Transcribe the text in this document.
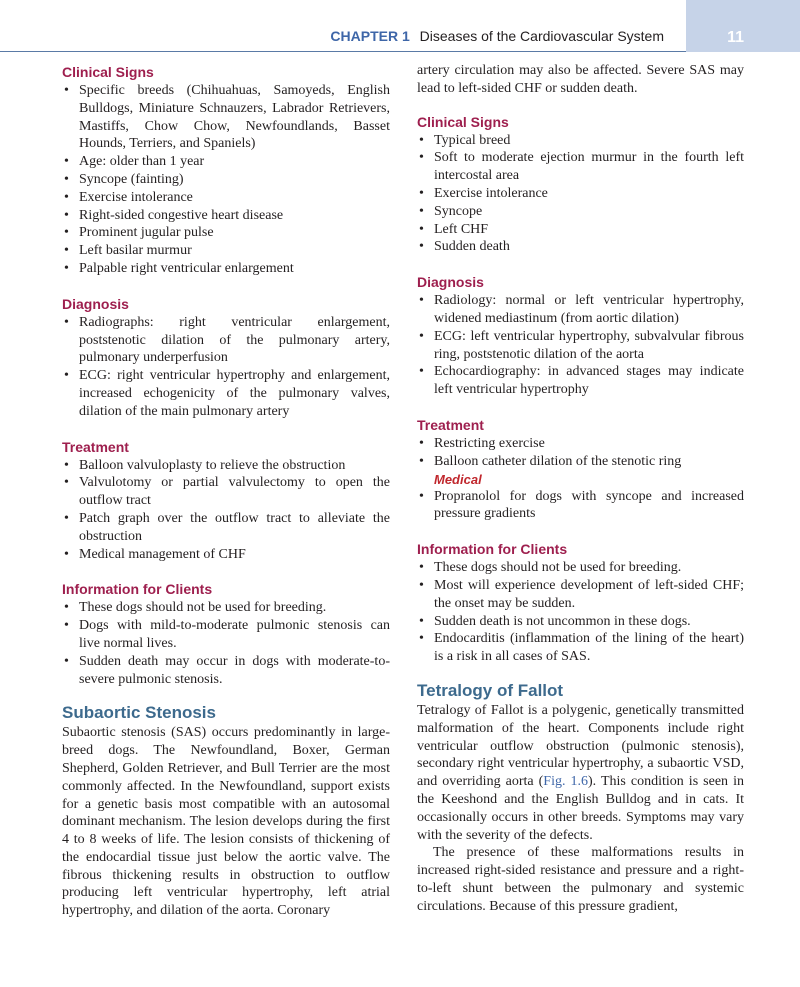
CHAPTER 1 Diseases of the Cardiovascular System	11
Clinical Signs
• Specific breeds (Chihuahuas, Samoyeds, English Bulldogs, Miniature Schnauzers, Labrador Retrievers, Mastiffs, Chow Chow, Newfoundlands, Basset Hounds, Terriers, and Spaniels)
• Age: older than 1 year
• Syncope (fainting)
• Exercise intolerance
• Right-sided congestive heart disease
• Prominent jugular pulse
• Left basilar murmur
• Palpable right ventricular enlargement
Diagnosis
• Radiographs: right ventricular enlargement, poststenotic dilation of the pulmonary artery, pulmonary underperfusion
• ECG: right ventricular hypertrophy and enlargement, increased echogenicity of the pulmonary valves, dilation of the main pulmonary artery
Treatment
• Balloon valvuloplasty to relieve the obstruction
• Valvulotomy or partial valvulectomy to open the outflow tract
• Patch graph over the outflow tract to alleviate the obstruction
• Medical management of CHF
Information for Clients
• These dogs should not be used for breeding.
• Dogs with mild-to-moderate pulmonic stenosis can live normal lives.
• Sudden death may occur in dogs with moderate-to-severe pulmonic stenosis.
Subaortic Stenosis

Subaortic stenosis (SAS) occurs predominantly in large-breed dogs. The Newfoundland, Boxer, German Shepherd, Golden Retriever, and Bull Terrier are the most commonly affected. In the Newfoundland, support exists for a genetic basis most compatible with an autosomal dominant mechanism. The lesion develops during the first 4 to 8 weeks of life. The lesion consists of thickening of the endocardial tissue just below the aortic valve. The fibrous thickening results in obstruction to outflow producing left ventricular hypertrophy, left atrial hypertrophy, and dilation of the aorta. Coronary

artery circulation may also be affected. Severe SAS may lead to left-sided CHF or sudden death.

Clinical Signs
• Typical breed
• Soft to moderate ejection murmur in the fourth left intercostal area
• Exercise intolerance
• Syncope
• Left CHF
• Sudden death
Diagnosis
• Radiology: normal or left ventricular hypertrophy, widened mediastinum (from aortic dilation)
• ECG: left ventricular hypertrophy, subvalvular fibrous ring, poststenotic dilation of the aorta
• Echocardiography: in advanced stages may indicate left ventricular hypertrophy
Treatment
• Restricting exercise
• Balloon catheter dilation of the stenotic ring
Medical
• Propranolol for dogs with syncope and increased pressure gradients
Information for Clients
• These dogs should not be used for breeding.
• Most will experience development of left-sided CHF; the onset may be sudden.
• Sudden death is not uncommon in these dogs.
• Endocarditis (inflammation of the lining of the heart) is a risk in all cases of SAS.
Tetralogy of Fallot

Tetralogy of Fallot is a polygenic, genetically transmitted malformation of the heart. Components include right ventricular outflow obstruction (pulmonic stenosis), secondary right ventricular hypertrophy, a subaortic VSD, and overriding aorta (Fig. 1.6). This condition is seen in the Keeshond and the English Bulldog and in cats. It occasionally occurs in other breeds. Symptoms may vary with the severity of the defects.

The presence of these malformations results in increased right-sided resistance and pressure and a right-to-left shunt between the pulmonary and systemic circulations. Because of this pressure gradient,
